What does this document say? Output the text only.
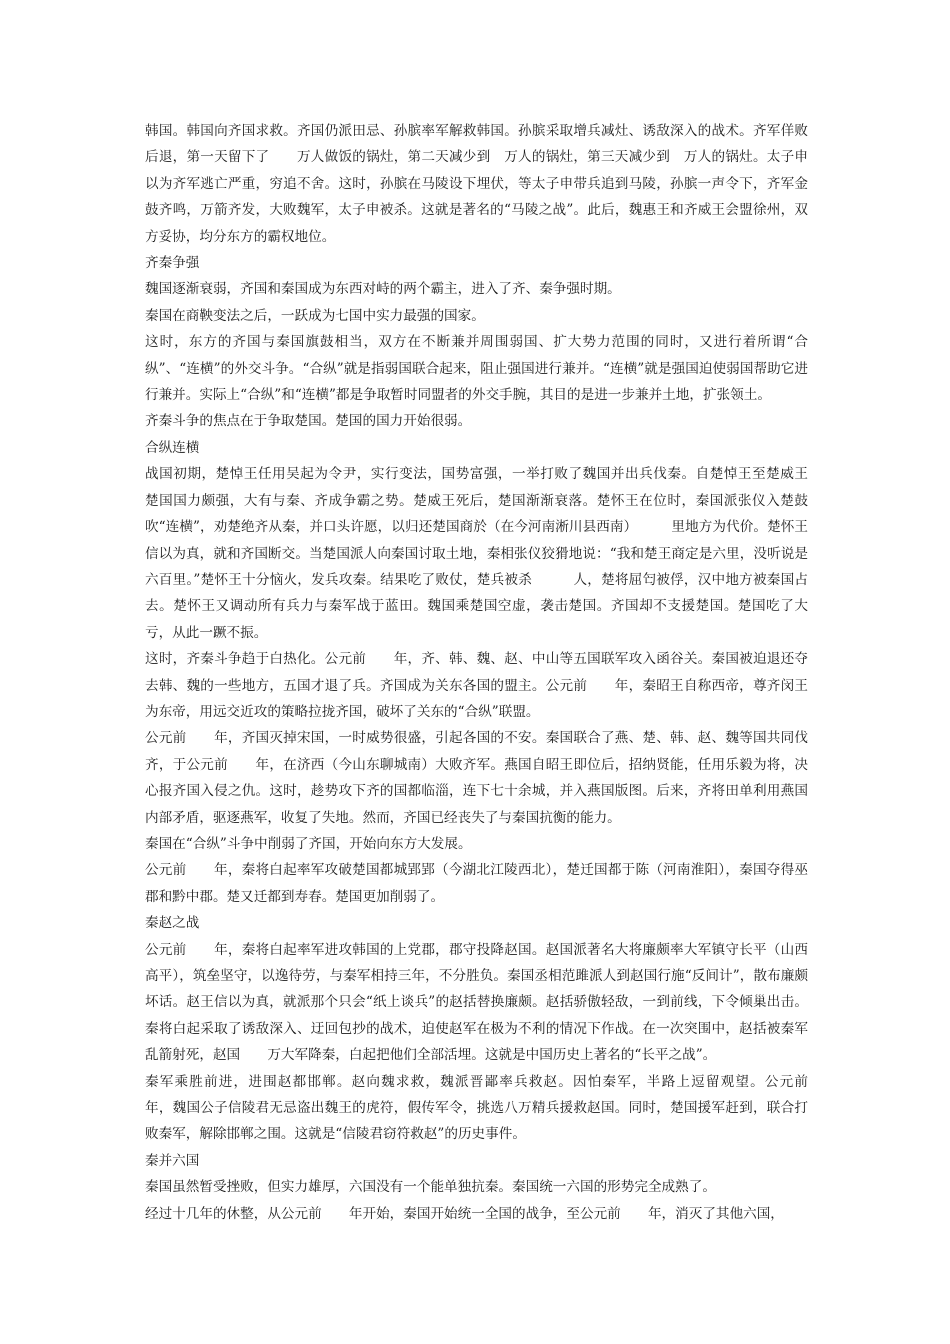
韩国。韩国向齐国求救。齐国仍派田忌、孙膑率军解救韩国。孙膑采取增兵减灶、诱敌深入的战术。齐军佯败后退，第一天留下了　　万人做饭的锅灶，第二天减少到　万人的锅灶，第三天减少到　万人的锅灶。太子申以为齐军逃亡严重，穷追不舍。这时，孙膑在马陵设下埋伏，等太子申带兵追到马陵，孙膑一声令下，齐军金鼓齐鸣，万箭齐发，大败魏军，太子申被杀。这就是著名的“马陵之战”。此后，魏惠王和齐威王会盟徐州，双方妥协，均分东方的霸权地位。

齐秦争强

魏国逐渐衰弱，齐国和秦国成为东西对峙的两个霸主，进入了齐、秦争强时期。

秦国在商鞅变法之后，一跃成为七国中实力最强的国家。

这时，东方的齐国与秦国旗鼓相当，双方在不断兼并周围弱国、扩大势力范围的同时，又进行着所谓“合纵”、“连横”的外交斗争。“合纵”就是指弱国联合起来，阻止强国进行兼并。“连横”就是强国迫使弱国帮助它进行兼并。实际上“合纵”和“连横”都是争取暂时同盟者的外交手腕，其目的是进一步兼并土地，扩张领土。

齐秦斗争的焦点在于争取楚国。楚国的国力开始很弱。

合纵连横

战国初期，楚悼王任用吴起为令尹，实行变法，国势富强，一举打败了魏国并出兵伐秦。自楚悼王至楚威王　楚国国力颇强，大有与秦、齐成争霸之势。楚威王死后，楚国渐渐衰落。楚怀王在位时，秦国派张仪入楚鼓吹“连横”，劝楚绝齐从秦，并口头许愿，以归还楚国商於（在今河南淅川县西南）　　　里地方为代价。楚怀王信以为真，就和齐国断交。当楚国派人向秦国讨取土地，秦相张仪狡猾地说：“我和楚王商定是六里，没听说是六百里。”楚怀王十分恼火，发兵攻秦。结果吃了败仗，楚兵被杀　　　人，楚将屈匄被俘，汉中地方被秦国占去。楚怀王又调动所有兵力与秦军战于蓝田。魏国乘楚国空虚，袭击楚国。齐国却不支援楚国。楚国吃了大亏，从此一蹶不振。

这时，齐秦斗争趋于白热化。公元前　　年，齐、韩、魏、赵、中山等五国联军攻入函谷关。秦国被迫退还夺去韩、魏的一些地方，五国才退了兵。齐国成为关东各国的盟主。公元前　　年，秦昭王自称西帝，尊齐闵王为东帝，用远交近攻的策略拉拢齐国，破坏了关东的“合纵”联盟。

公元前　　年，齐国灭掉宋国，一时威势很盛，引起各国的不安。秦国联合了燕、楚、韩、赵、魏等国共同伐齐，于公元前　　年，在济西（今山东聊城南）大败齐军。燕国自昭王即位后，招纳贤能，任用乐毅为将，决心报齐国入侵之仇。这时，趁势攻下齐的国都临淄，连下七十余城，并入燕国版图。后来，齐将田单利用燕国内部矛盾，驱逐燕军，收复了失地。然而，齐国已经丧失了与秦国抗衡的能力。

秦国在“合纵”斗争中削弱了齐国，开始向东方大发展。

公元前　　年，秦将白起率军攻破楚国都城郢郢（今湖北江陵西北），楚迁国都于陈（河南淮阳），秦国夺得巫郡和黔中郡。楚又迁都到寿春。楚国更加削弱了。

秦赵之战

公元前　　年，秦将白起率军进攻韩国的上党郡，郡守投降赵国。赵国派著名大将廉颇率大军镇守长平（山西高平），筑垒坚守，以逸待劳，与秦军相持三年，不分胜负。秦国丞相范雎派人到赵国行施“反间计”，散布廉颇坏话。赵王信以为真，就派那个只会“纸上谈兵”的赵括替换廉颇。赵括骄傲轻敌，一到前线，下令倾巢出击。秦将白起采取了诱敌深入、迂回包抄的战术，迫使赵军在极为不利的情况下作战。在一次突围中，赵括被秦军乱箭射死，赵国　　万大军降秦，白起把他们全部活埋。这就是中国历史上著名的“长平之战”。

秦军乘胜前进，进围赵都邯郸。赵向魏求救，魏派晋鄙率兵救赵。因怕秦军，半路上逗留观望。公元前　　　年，魏国公子信陵君无忌盗出魏王的虎符，假传军令，挑选八万精兵援救赵国。同时，楚国援军赶到，联合打败秦军，解除邯郸之围。这就是“信陵君窃符救赵”的历史事件。

秦并六国

秦国虽然暂受挫败，但实力雄厚，六国没有一个能单独抗秦。秦国统一六国的形势完全成熟了。

经过十几年的休整，从公元前　　年开始，秦国开始统一全国的战争，至公元前　　年，消灭了其他六国，
